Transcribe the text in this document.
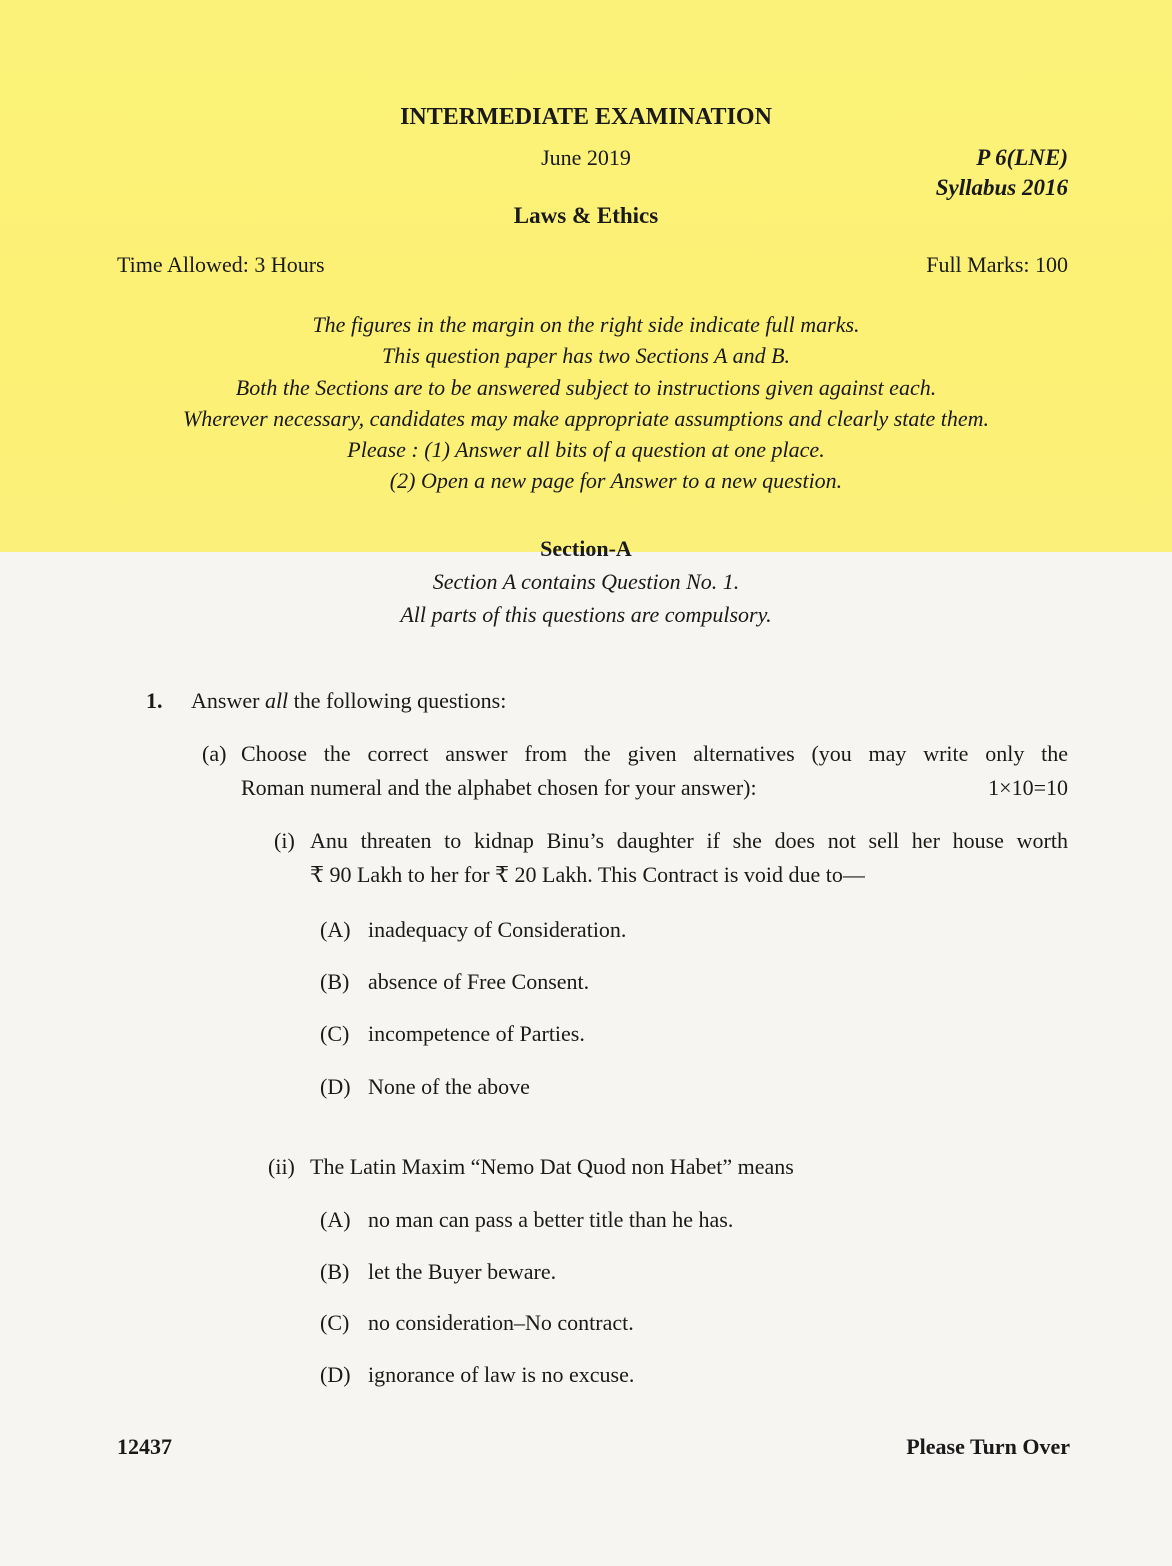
INTERMEDIATE EXAMINATION
June 2019	P 6(LNE)
Syllabus 2016
Laws & Ethics
Time Allowed: 3 Hours	Full Marks: 100
The figures in the margin on the right side indicate full marks.
This question paper has two Sections A and B.
Both the Sections are to be answered subject to instructions given against each.
Wherever necessary, candidates may make appropriate assumptions and clearly state them.
Please : (1) Answer all bits of a question at one place.
(2) Open a new page for Answer to a new question.
Section-A
Section A contains Question No. 1.
All parts of this questions are compulsory.
1. Answer all the following questions:
(a) Choose the correct answer from the given alternatives (you may write only the
Roman numeral and the alphabet chosen for your answer):	1×10=10
(i) Anu threaten to kidnap Binu’s daughter if she does not sell her house worth
₹ 90 Lakh to her for ₹ 20 Lakh. This Contract is void due to—
(A) inadequacy of Consideration.
(B) absence of Free Consent.
(C) incompetence of Parties.
(D) None of the above
(ii) The Latin Maxim “Nemo Dat Quod non Habet” means
(A) no man can pass a better title than he has.
(B) let the Buyer beware.
(C) no consideration–No contract.
(D) ignorance of law is no excuse.
12437	Please Turn Over
